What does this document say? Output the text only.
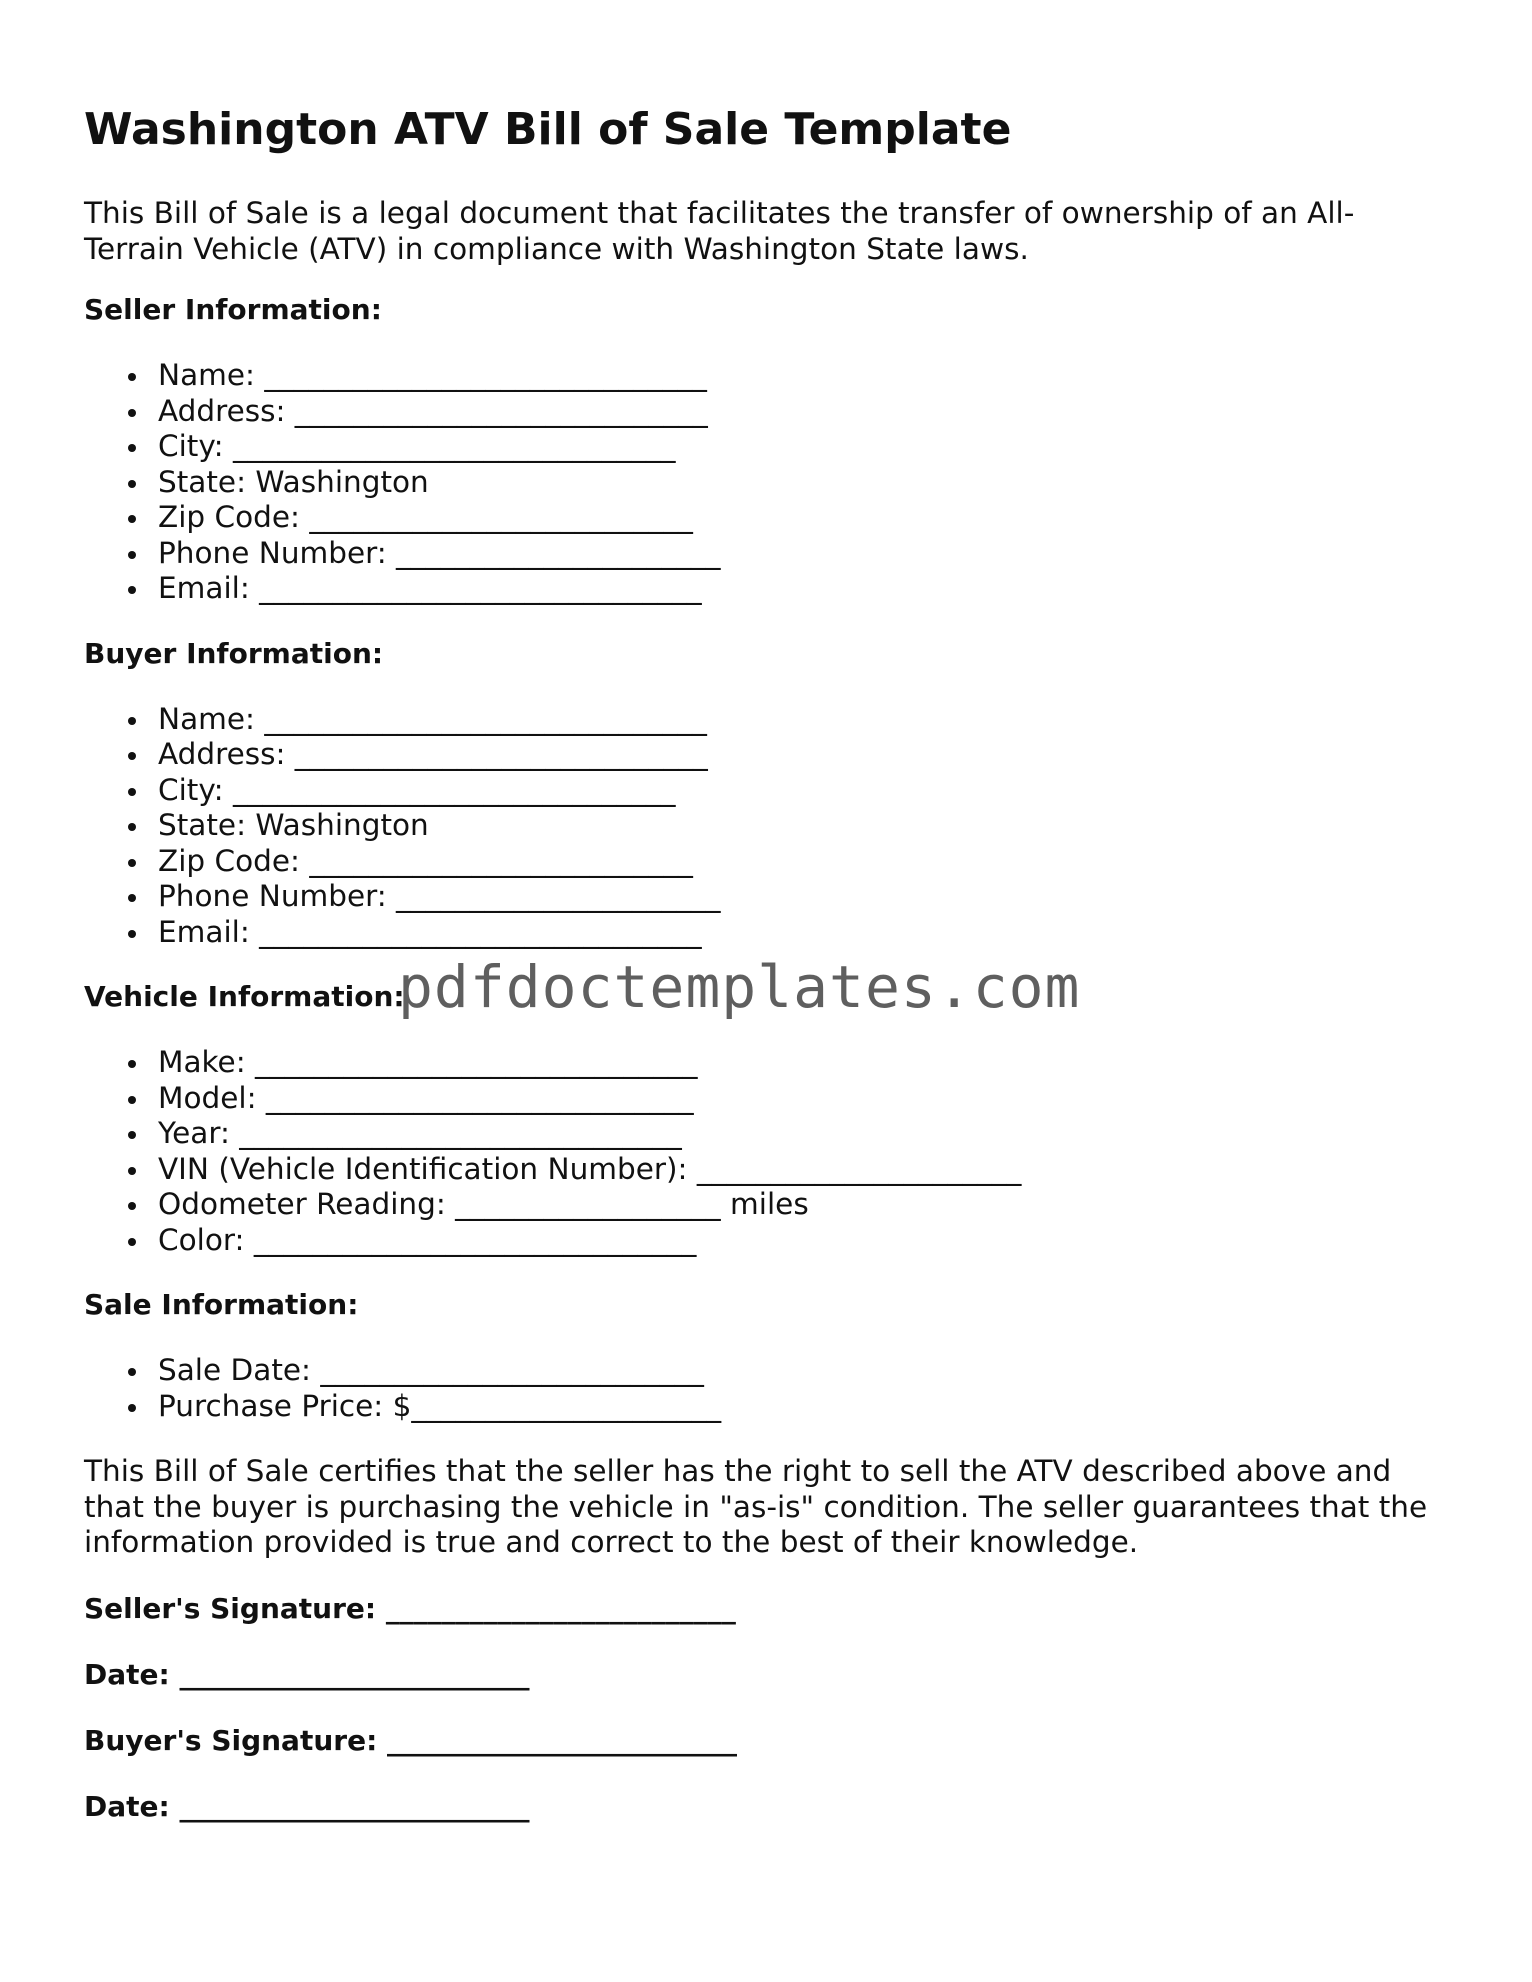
Washington ATV Bill of Sale Template

This Bill of Sale is a legal document that facilitates the transfer of ownership of an All-
Terrain Vehicle (ATV) in compliance with Washington State laws.

Seller Information:

Name: ______________________________
Address: ____________________________
City: ______________________________
State: Washington
Zip Code: __________________________
Phone Number: ______________________
Email: ______________________________

Buyer Information:

Name: ______________________________
Address: ____________________________
City: ______________________________
State: Washington
Zip Code: __________________________
Phone Number: ______________________
Email: ______________________________

Vehicle Information:

Make: ______________________________
Model: _____________________________
Year: ______________________________
VIN (Vehicle Identification Number): ______________________
Odometer Reading: __________________ miles
Color: ______________________________

Sale Information:

Sale Date: __________________________
Purchase Price: $_____________________

This Bill of Sale certifies that the seller has the right to sell the ATV described above and
that the buyer is purchasing the vehicle in "as-is" condition. The seller guarantees that the
information provided is true and correct to the best of their knowledge.

Seller's Signature: _________________________

Date: _________________________

Buyer's Signature: _________________________

Date: _________________________

pdfdoctemplates.com
